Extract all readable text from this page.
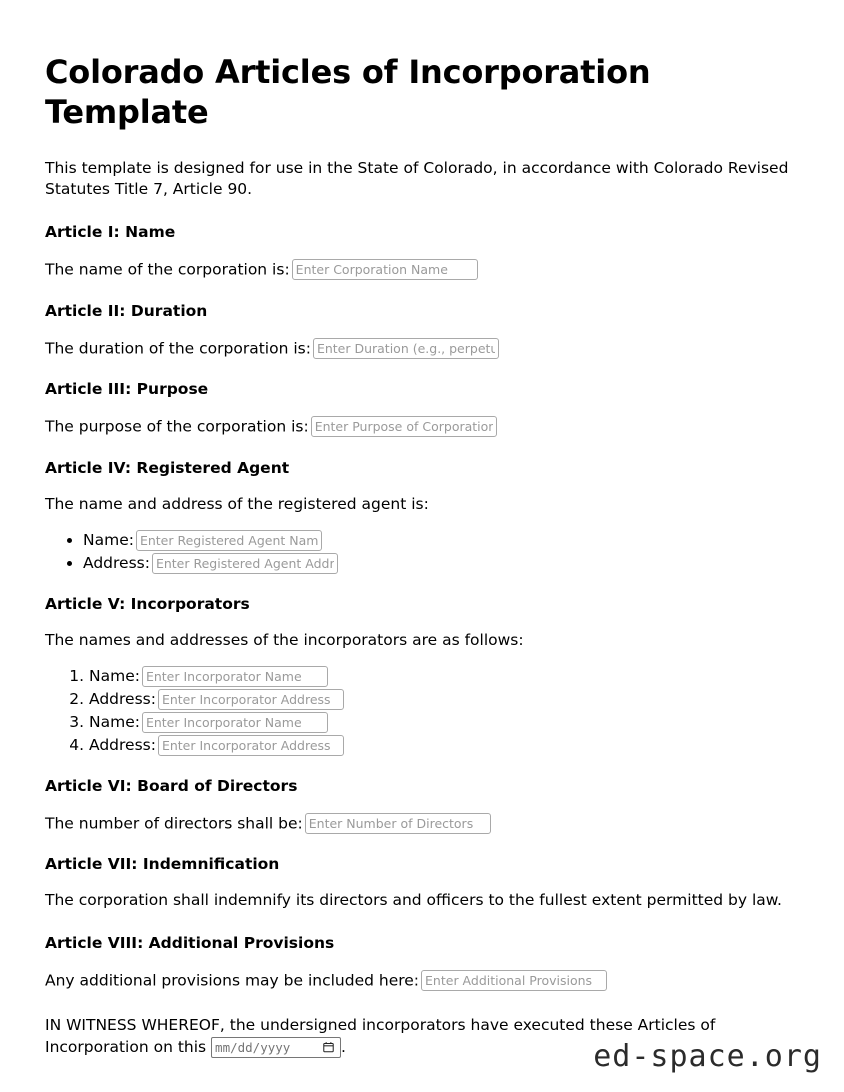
Colorado Articles of Incorporation Template

This template is designed for use in the State of Colorado, in accordance with Colorado Revised Statutes Title 7, Article 90.

Article I: Name
The name of the corporation is:Enter Corporation Name
Article II: Duration
The duration of the corporation is:Enter Duration (e.g., perpetual)
Article III: Purpose
The purpose of the corporation is:Enter Purpose of Corporation
Article IV: Registered Agent

The name and address of the registered agent is:

• Name:Enter Registered Agent Name
• Address:Enter Registered Agent Address
Article V: Incorporators

The names and addresses of the incorporators are as follows:

1. Name:Enter Incorporator Name
2. Address:Enter Incorporator Address
3. Name:Enter Incorporator Name
4. Address:Enter Incorporator Address
Article VI: Board of Directors
The number of directors shall be:Enter Number of Directors
Article VII: Indemnification

The corporation shall indemnify its directors and officers to the fullest extent permitted by law.

Article VIII: Additional Provisions
Any additional provisions may be included here:Enter Additional Provisions

IN WITNESS WHEREOF, the undersigned incorporators have executed these Articles of Incorporation on this mm/dd/yyyy	.	ed-space.org
